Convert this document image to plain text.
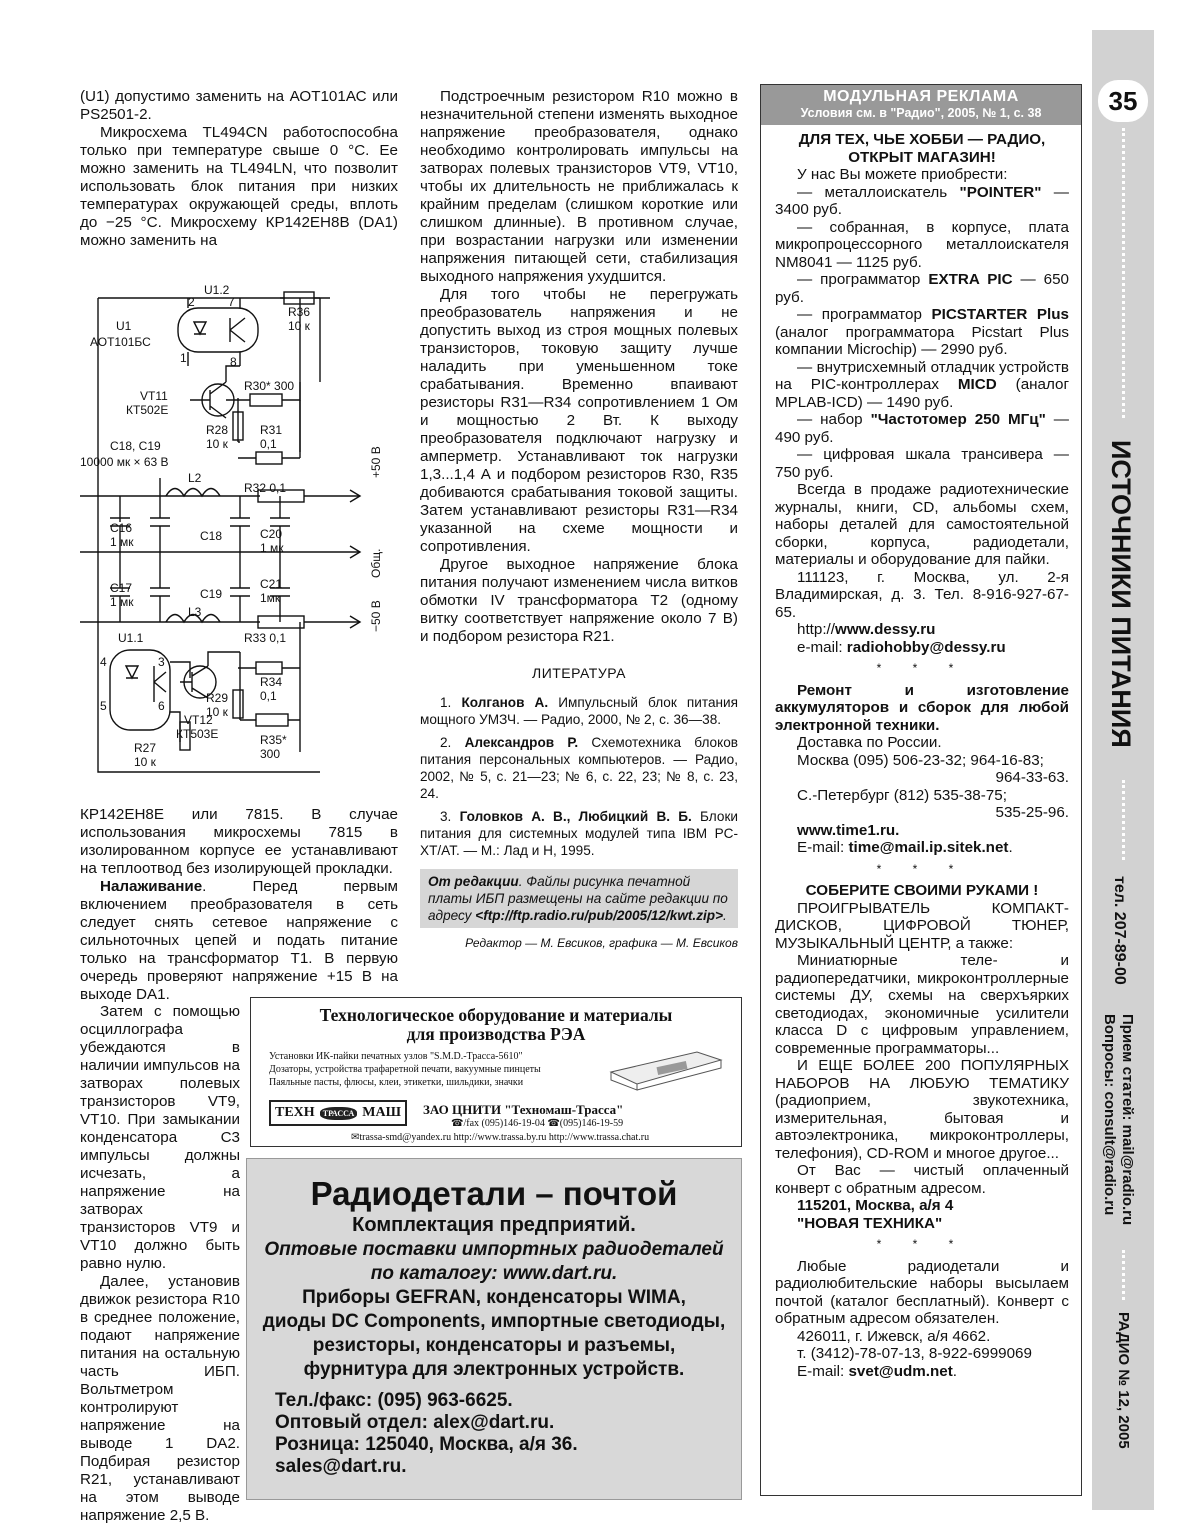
(U1) допустимо заменить на АОТ101АС или PS2501-2.

Микросхема TL494CN работоспособна только при температуре свыше 0 °С. Ее можно заменить на TL494LN, что позволит использовать блок питания при низких температурах окружающей среды, вплоть до −25 °С. Микросхему КР142ЕН8В (DA1) можно заменить на

U1.2
2	7
U1
АОТ101БС
1	8
R36
10 к
VT11
КТ502Е
R30* 300
R28
10 к
R31
0,1
С18, С19
10000 мк × 63 В
L2
R32 0,1
С16
1 мк	С18	С20
1 мк
С17
1 мк
С19
С21
1мк
L3
R33 0,1
U1.1
4	3
5	6
R29
10 к
R34
0,1
VT12
КТ503Е
R27
10 к
R35*
300
+50 В
Общ.
−50 В

КР142ЕН8Е или 7815. В случае использования микросхемы 7815 в изолированном корпусе ее устанавливают на теплоотвод без изолирующей прокладки.

Налаживание. Перед первым включением преобразователя в сеть следует снять сетевое напряжение с сильноточных цепей и подать питание только на трансформатор Т1. В первую очередь проверяют напряжение +15 В на выходе DA1.

Затем с помощью осциллографа убеждаются в наличии импульсов на затворах полевых транзисторов VT9, VT10. При замыкании конденсатора С3 импульсы должны исчезать, а напряжение на затворах транзисторов VT9 и VT10 должно быть равно нулю.

Далее, установив движок резистора R10 в среднее положение, подают напряжение питания на остальную часть ИБП. Вольтметром контролируют напряжение на выводе 1 DA2. Подбирая резистор R21, устанавливают на этом выводе напряжение 2,5 В.

Подстроечным резистором R10 можно в незначительной степени изменять выходное напряжение преобразователя, однако необходимо контролировать импульсы на затворах полевых транзисторов VT9, VT10, чтобы их длительность не приближалась к крайним пределам (слишком короткие или слишком длинные). В противном случае, при возрастании нагрузки или изменении напряжения питающей сети, стабилизация выходного напряжения ухудшится.

Для того чтобы не перегружать преобразователь напряжения и не допустить выход из строя мощных полевых транзисторов, токовую защиту лучше наладить при уменьшенном токе срабатывания. Временно впаивают резисторы R31—R34 сопротивлением 1 Ом и мощностью 2 Вт. К выходу преобразователя подключают нагрузку и амперметр. Устанавливают ток нагрузки 1,3...1,4 А и подбором резисторов R30, R35 добиваются срабатывания токовой защиты. Затем устанавливают резисторы R31—R34 указанной на схеме мощности и сопротивления.

Другое выходное напряжение блока питания получают изменением числа витков обмотки IV трансформатора Т2 (одному витку соответствует напряжение около 7 В) и подбором резистора R21.

ЛИТЕРАТУРА

1. Колганов А. Импульсный блок питания мощного УМЗЧ. — Радио, 2000, № 2, с. 36—38.

2. Александров Р. Схемотехника блоков питания персональных компьютеров. — Радио, 2002, № 5, с. 21—23; № 6, с. 22, 23; № 8, с. 23, 24.

3. Головков А. В., Любицкий В. Б. Блоки питания для системных модулей типа IBM PC-XT/AT. — М.: Лад и Н, 1995.

От редакции. Файлы рисунка печатной платы ИБП размещены на сайте редакции по адресу <ftp://ftp.radio.ru/pub/2005/12/kwt.zip>.
Редактор — М. Евсиков, графика — М. Евсиков
Технологическое оборудование и материалы
для производства РЭА
Установки ИК-пайки печатных узлов "S.M.D.-Трасса-5610"
Дозаторы, устройства трафаретной печати, вакуумные пинцеты
Паяльные пасты, флюсы, клеи, этикетки, шильдики, значки
ТЕХН	ТРАССА МАШ ЗАО ЦНИТИ "Техномаш-Трасса"
☎/fax (095)146-19-04 ☎(095)146-19-59
✉trassa-smd@yandex.ru http://www.trassa.by.ru http://www.trassa.chat.ru
Радиодетали – почтой
Комплектация предприятий.
Оптовые поставки импортных радиодеталей
по каталогу: www.dart.ru.
Приборы GEFRAN, конденсаторы WIMA,
диоды DC Components, импортные светодиоды,
резисторы, конденсаторы и разъемы,
фурнитура для электронных устройств.
Тел./факс: (095) 963-6625.
Оптовый отдел: alex@dart.ru.
Розница: 125040, Москва, а/я 36.
sales@dart.ru.
МОДУЛЬНАЯ РЕКЛАМА
Условия см. в "Радио", 2005, № 1, с. 38

ДЛЯ ТЕХ, ЧЬЕ ХОББИ — РАДИО, ОТКРЫТ МАГАЗИН!

У нас Вы можете приобрести:

— металлоискатель "POINTER" — 3400 руб.

— собранная, в корпусе, плата микропроцессорного металлоискателя NM8041 — 1125 руб.

— программатор EXTRA PIC — 650 руб.

— программатор PICSTARTER Plus (аналог программатора Picstart Plus компании Microchip) — 2990 руб.

— внутрисхемный отладчик устройств на PIC-контроллерах MICD (аналог MPLAB-ICD) — 1490 руб.

— набор "Частотомер 250 МГц" — 490 руб.

— цифровая шкала трансивера — 750 руб.

Всегда в продаже радиотехнические журналы, книги, CD, альбомы схем, наборы деталей для самостоятельной сборки, корпуса, радиодетали, материалы и оборудование для пайки.

111123, г. Москва, ул. 2-я Владимирская, д. 3. Тел. 8-916-927-67-65.

http://www.dessy.ru

e-mail: radiohobby@dessy.ru

* * *

Ремонт и изготовление аккумуляторов и сборок для любой электронной техники.

Доставка по России.

Москва (095) 506-23-32; 964-16-83;

964-33-63.

С.-Петербург (812) 535-38-75;

535-25-96.

www.time1.ru.

E-mail: time@mail.ip.sitek.net.

* * *

СОБЕРИТЕ СВОИМИ РУКАМИ !

ПРОИГРЫВАТЕЛЬ КОМПАКТ-ДИСКОВ, ЦИФРОВОЙ ТЮНЕР, МУЗЫКАЛЬНЫЙ ЦЕНТР, а также:

Миниатюрные теле- и радиопередатчики, микроконтроллерные системы ДУ, схемы на сверхъярких светодиодах, экономичные усилители класса D с цифровым управлением, современные программаторы...

И ЕЩЕ БОЛЕЕ 200 ПОПУЛЯРНЫХ НАБОРОВ НА ЛЮБУЮ ТЕМАТИКУ (радиоприем, звукотехника, измерительная, бытовая и автоэлектроника, микроконтроллеры, телефония), CD-ROM и многое другое...

От Вас — чистый оплаченный конверт с обратным адресом.

115201, Москва, а/я 4

"НОВАЯ ТЕХНИКА"

* * *

Любые радиодетали и радиолюбительские наборы высылаем почтой (каталог бесплатный). Конверт с обратным адресом обязателен.

426011, г. Ижевск, а/я 4662.

т. (3412)-78-07-13, 8-922-6999069

E-mail: svet@udm.net.

35
ИСТОЧНИКИ ПИТАНИЯ
тел. 207-89-00
Прием статей: mail@radio.ru
Вопросы: consult@radio.ru
РАДИО № 12, 2005
